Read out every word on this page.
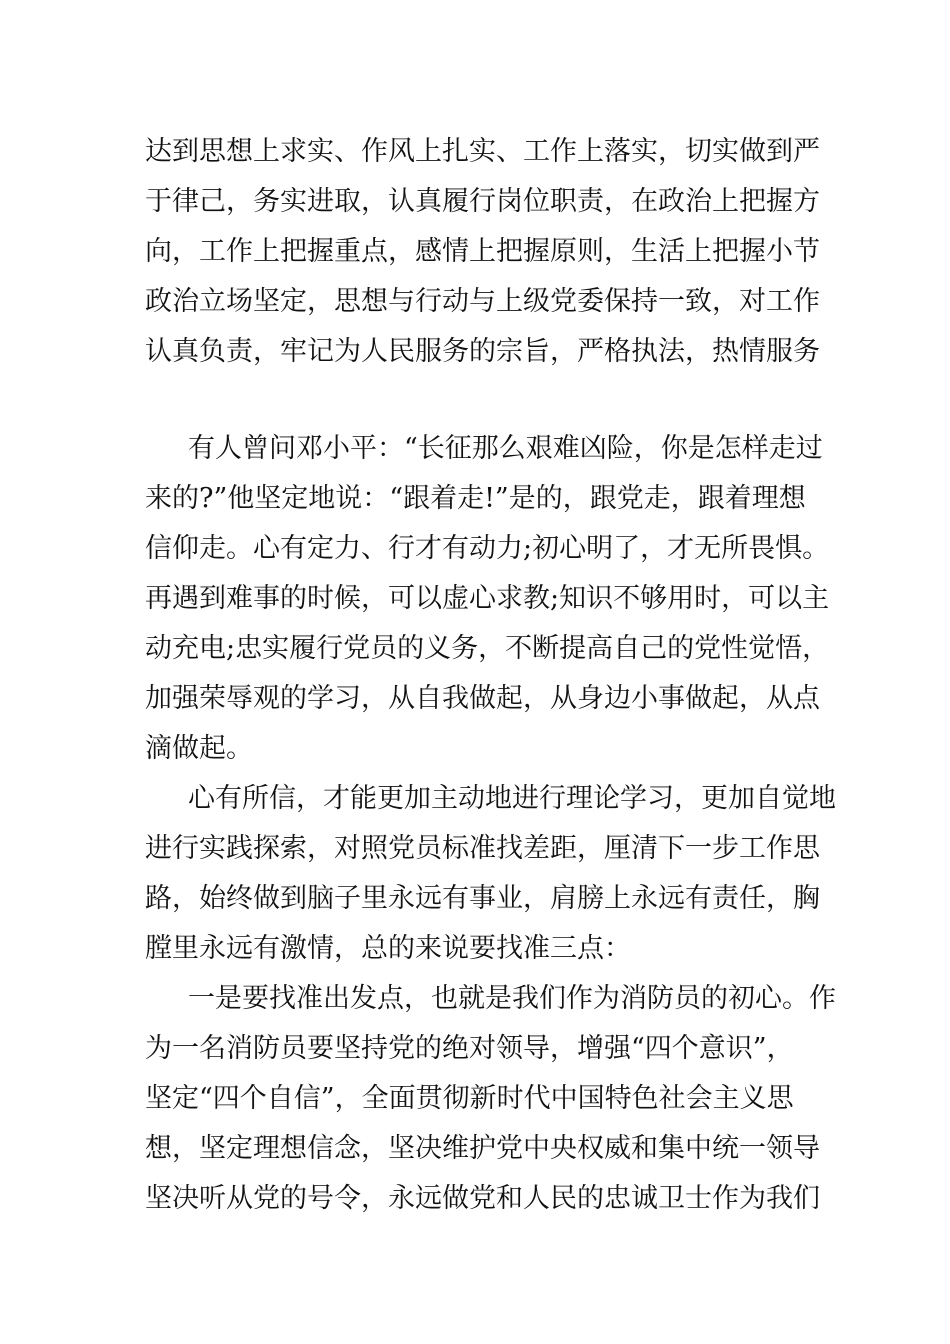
达到思想上求实、作风上扎实、工作上落实，切实做到严
于律己，务实进取，认真履行岗位职责，在政治上把握方
向，工作上把握重点，感情上把握原则，生活上把握小节
政治立场坚定，思想与行动与上级党委保持一致，对工作
认真负责，牢记为人民服务的宗旨，严格执法，热情服务
有人曾问邓小平：“长征那么艰难凶险，你是怎样走过
来的?”他坚定地说：“跟着走!”是的，跟党走，跟着理想
信仰走。心有定力、行才有动力;初心明了，才无所畏惧。
再遇到难事的时候，可以虚心求教;知识不够用时，可以主
动充电;忠实履行党员的义务，不断提高自己的党性觉悟，
加强荣辱观的学习，从自我做起，从身边小事做起，从点
滴做起。
心有所信，才能更加主动地进行理论学习，更加自觉地
进行实践探索，对照党员标准找差距，厘清下一步工作思
路，始终做到脑子里永远有事业，肩膀上永远有责任，胸
膛里永远有激情，总的来说要找准三点：
一是要找准出发点，也就是我们作为消防员的初心。作
为一名消防员要坚持党的绝对领导，增强“四个意识”，
坚定“四个自信”，全面贯彻新时代中国特色社会主义思
想，坚定理想信念，坚决维护党中央权威和集中统一领导
坚决听从党的号令，永远做党和人民的忠诚卫士作为我们
